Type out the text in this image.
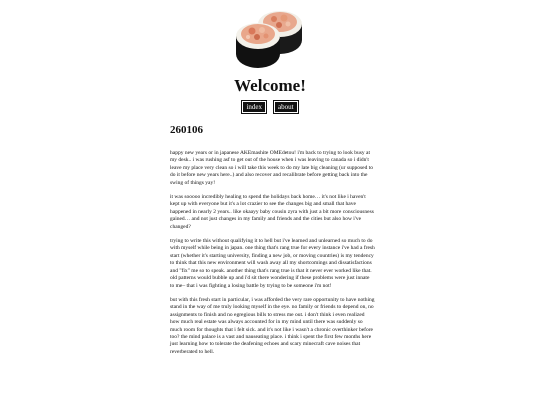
Welcome!
index	about
260106

happy new years or in japanese AKEmashite OMEdetou! i'm back to trying to look busy at my desk.. i was rushing asf to get out of the house when i was leaving to canada so i didn't leave my place very clean so i will take this week to do my late big cleaning (ur supposed to do it before new years here..) and also recover and recalibrate before getting back into the swing of things yay!

it was sooooo incredibly healing to spend the holidays back home… it's not like i haven't kept up with everyone but it's a lot crazier to see the changes big and small that have happened in nearly 2 years.. like okaayy baby cousin zyra with just a bit more consciousness gained… and not just changes in my family and friends and the cities but also how i've changed?

trying to write this without qualifying it to hell but i've learned and unlearned so much to do with myself while being in japan. one thing that's rang true for every instance i've had a fresh start (whether it's starting university, finding a new job, or moving countries) is my tendency to think that this new environment will wash away all my shortcomings and dissatisfactions and "fix" me so to speak. another thing that's rang true is that it never ever worked like that. old patterns would bubble up and i'd sit there wondering if these problems were just innate to me– that i was fighting a losing battle by trying to be someone i'm not!

but with this fresh start in particular, i was afforded the very rare opportunity to have nothing stand in the way of me truly looking myself in the eye. no family or friends to depend on, no assignments to finish and no egregious bills to stress me out. i don't think i even realized how much real estate was always accounted for in my mind until there was suddenly so much room for thoughts that i felt sick. and it's not like i wasn't a chronic overthinker before too? the mind palace is a vast and nauseating place. i think i spent the first few months here just learning how to tolerate the deafening echoes and scary minecraft cave noises that reverberated to hell.
